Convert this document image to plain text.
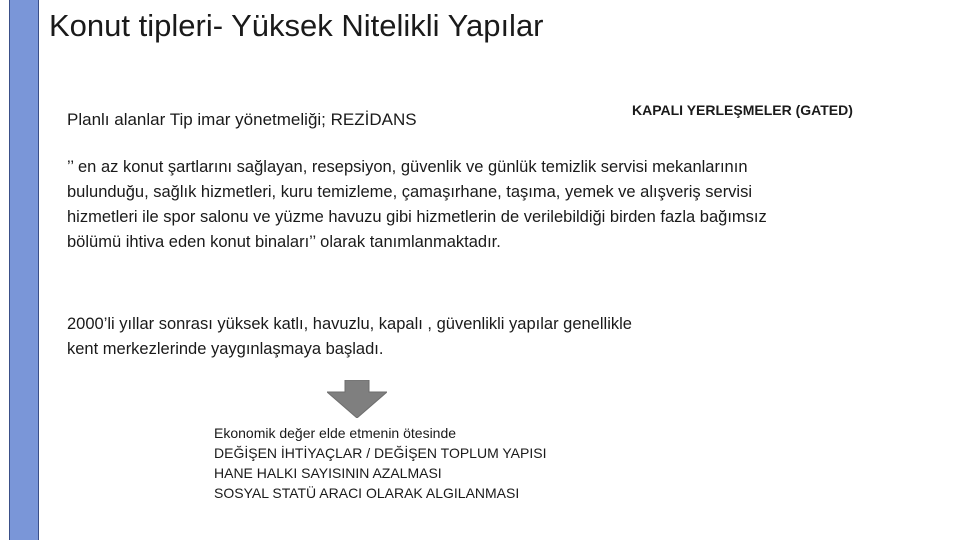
Konut tipleri- Yüksek Nitelikli Yapılar
Planlı alanlar Tip imar yönetmeliği; REZİDANS	KAPALI YERLEŞMELER (GATED)
’’ en az konut şartlarını sağlayan, resepsiyon, güvenlik ve günlük temizlik servisi mekanlarının
bulunduğu, sağlık hizmetleri, kuru temizleme, çamaşırhane, taşıma, yemek ve alışveriş servisi
hizmetleri ile spor salonu ve yüzme havuzu gibi hizmetlerin de verilebildiği birden fazla bağımsız
bölümü ihtiva eden konut binaları’’ olarak tanımlanmaktadır.
2000’li yıllar sonrası yüksek katlı, havuzlu, kapalı , güvenlikli yapılar genellikle
kent merkezlerinde yaygınlaşmaya başladı.
Ekonomik değer elde etmenin ötesinde
DEĞİŞEN İHTİYAÇLAR / DEĞİŞEN TOPLUM YAPISI
HANE HALKI SAYISININ AZALMASI
SOSYAL STATÜ ARACI OLARAK ALGILANMASI
